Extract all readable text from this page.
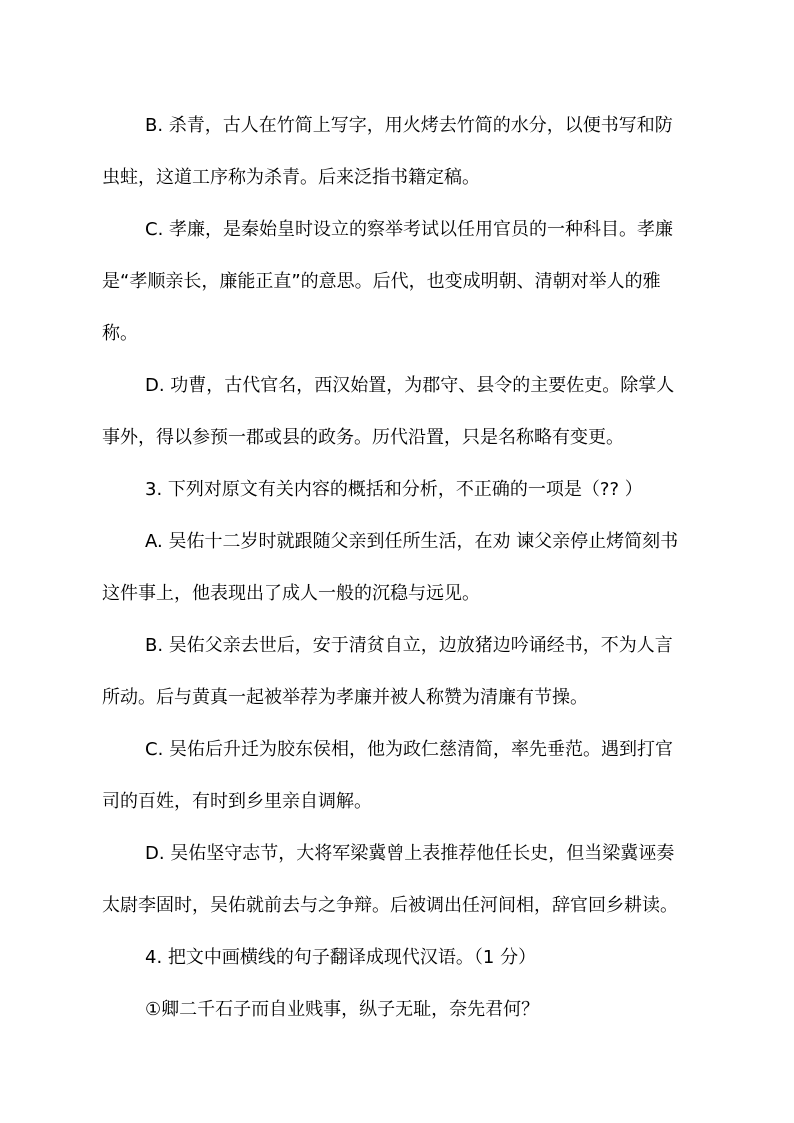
B. 杀青，古人在竹简上写字，用火烤去竹简的水分，以便书写和防
虫蛀，这道工序称为杀青。后来泛指书籍定稿。
C. 孝廉，是秦始皇时设立的察举考试以任用官员的一种科目。孝廉
是“孝顺亲长，廉能正直”的意思。后代，也变成明朝、清朝对举人的雅
称。
D. 功曹，古代官名，西汉始置，为郡守、县令的主要佐吏。除掌人
事外，得以参预一郡或县的政务。历代沿置，只是名称略有变更。
3. 下列对原文有关内容的概括和分析，不正确的一项是（?? ）
A. 吴佑十二岁时就跟随父亲到任所生活，在劝 谏父亲停止烤简刻书
这件事上，他表现出了成人一般的沉稳与远见。
B. 吴佑父亲去世后，安于清贫自立，边放猪边吟诵经书，不为人言
所动。后与黄真一起被举荐为孝廉并被人称赞为清廉有节操。
C. 吴佑后升迁为胶东侯相，他为政仁慈清简，率先垂范。遇到打官
司的百姓，有时到乡里亲自调解。
D. 吴佑坚守志节，大将军梁冀曾上表推荐他任长史，但当梁冀诬奏
太尉李固时，吴佑就前去与之争辩。后被调出任河间相，辞官回乡耕读。
4. 把文中画横线的句子翻译成现代汉语。（1 分）
①卿二千石子而自业贱事，纵子无耻，奈先君何？
